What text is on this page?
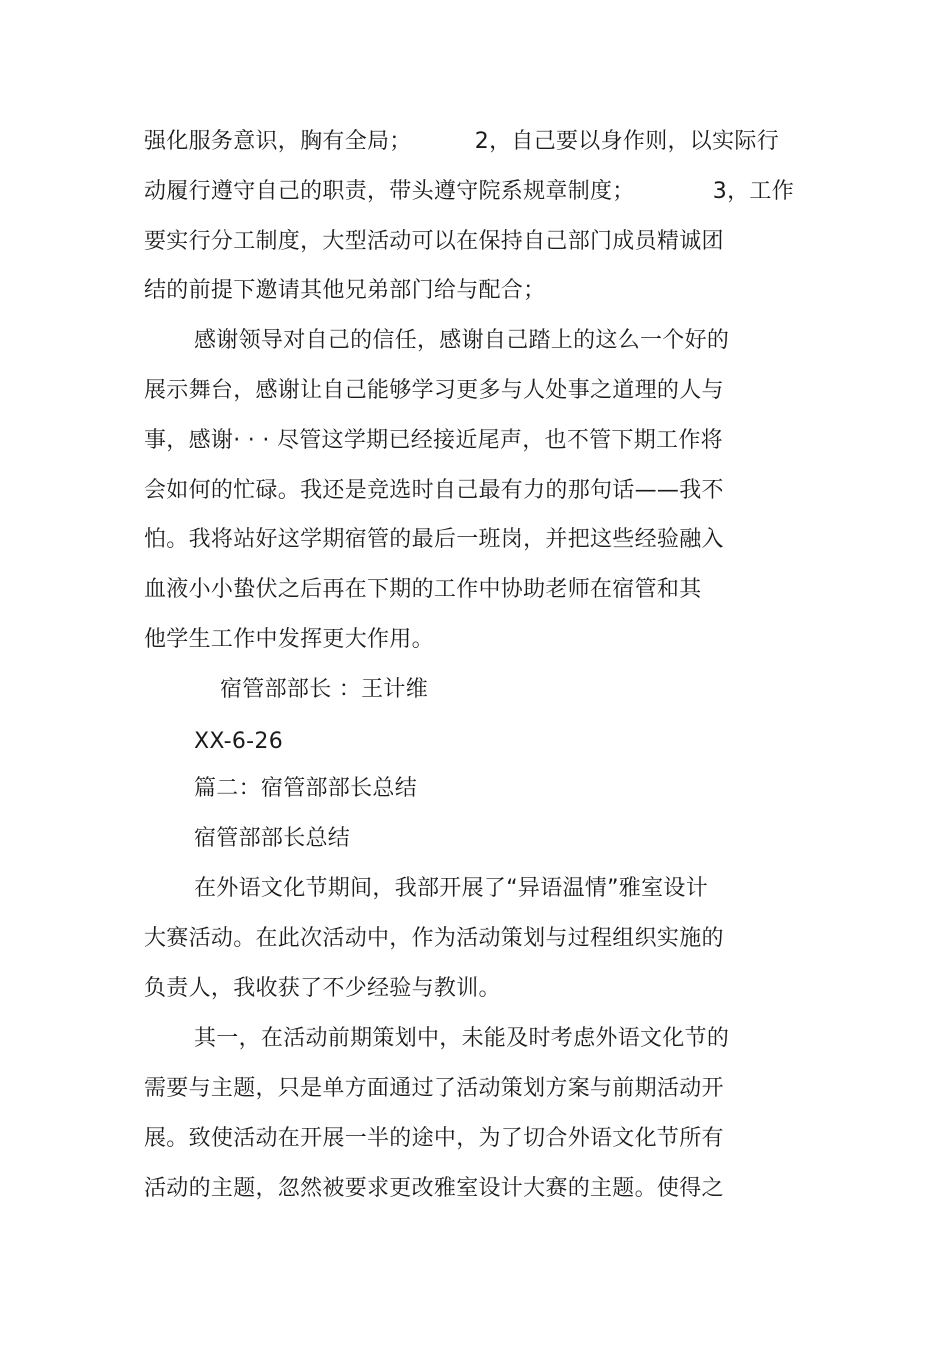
强化服务意识，胸有全局；　　　 2，自己要以身作则，以实际行
动履行遵守自己的职责，带头遵守院系规章制度；　　　　3，工作
要实行分工制度，大型活动可以在保持自己部门成员精诚团
结的前提下邀请其他兄弟部门给与配合；
感谢领导对自己的信任，感谢自己踏上的这么一个好的
展示舞台，感谢让自己能够学习更多与人处事之道理的人与
事，感谢· · · 尽管这学期已经接近尾声，也不管下期工作将
会如何的忙碌。我还是竞选时自己最有力的那句话——我不
怕。我将站好这学期宿管的最后一班岗，并把这些经验融入
血液小小蛰伏之后再在下期的工作中协助老师在宿管和其
他学生工作中发挥更大作用。
宿管部部长 ：王计维
XX-6-26
篇二：宿管部部长总结
宿管部部长总结
在外语文化节期间，我部开展了“异语温情”雅室设计
大赛活动。在此次活动中，作为活动策划与过程组织实施的
负责人，我收获了不少经验与教训。
其一，在活动前期策划中，未能及时考虑外语文化节的
需要与主题，只是单方面通过了活动策划方案与前期活动开
展。致使活动在开展一半的途中，为了切合外语文化节所有
活动的主题，忽然被要求更改雅室设计大赛的主题。使得之
